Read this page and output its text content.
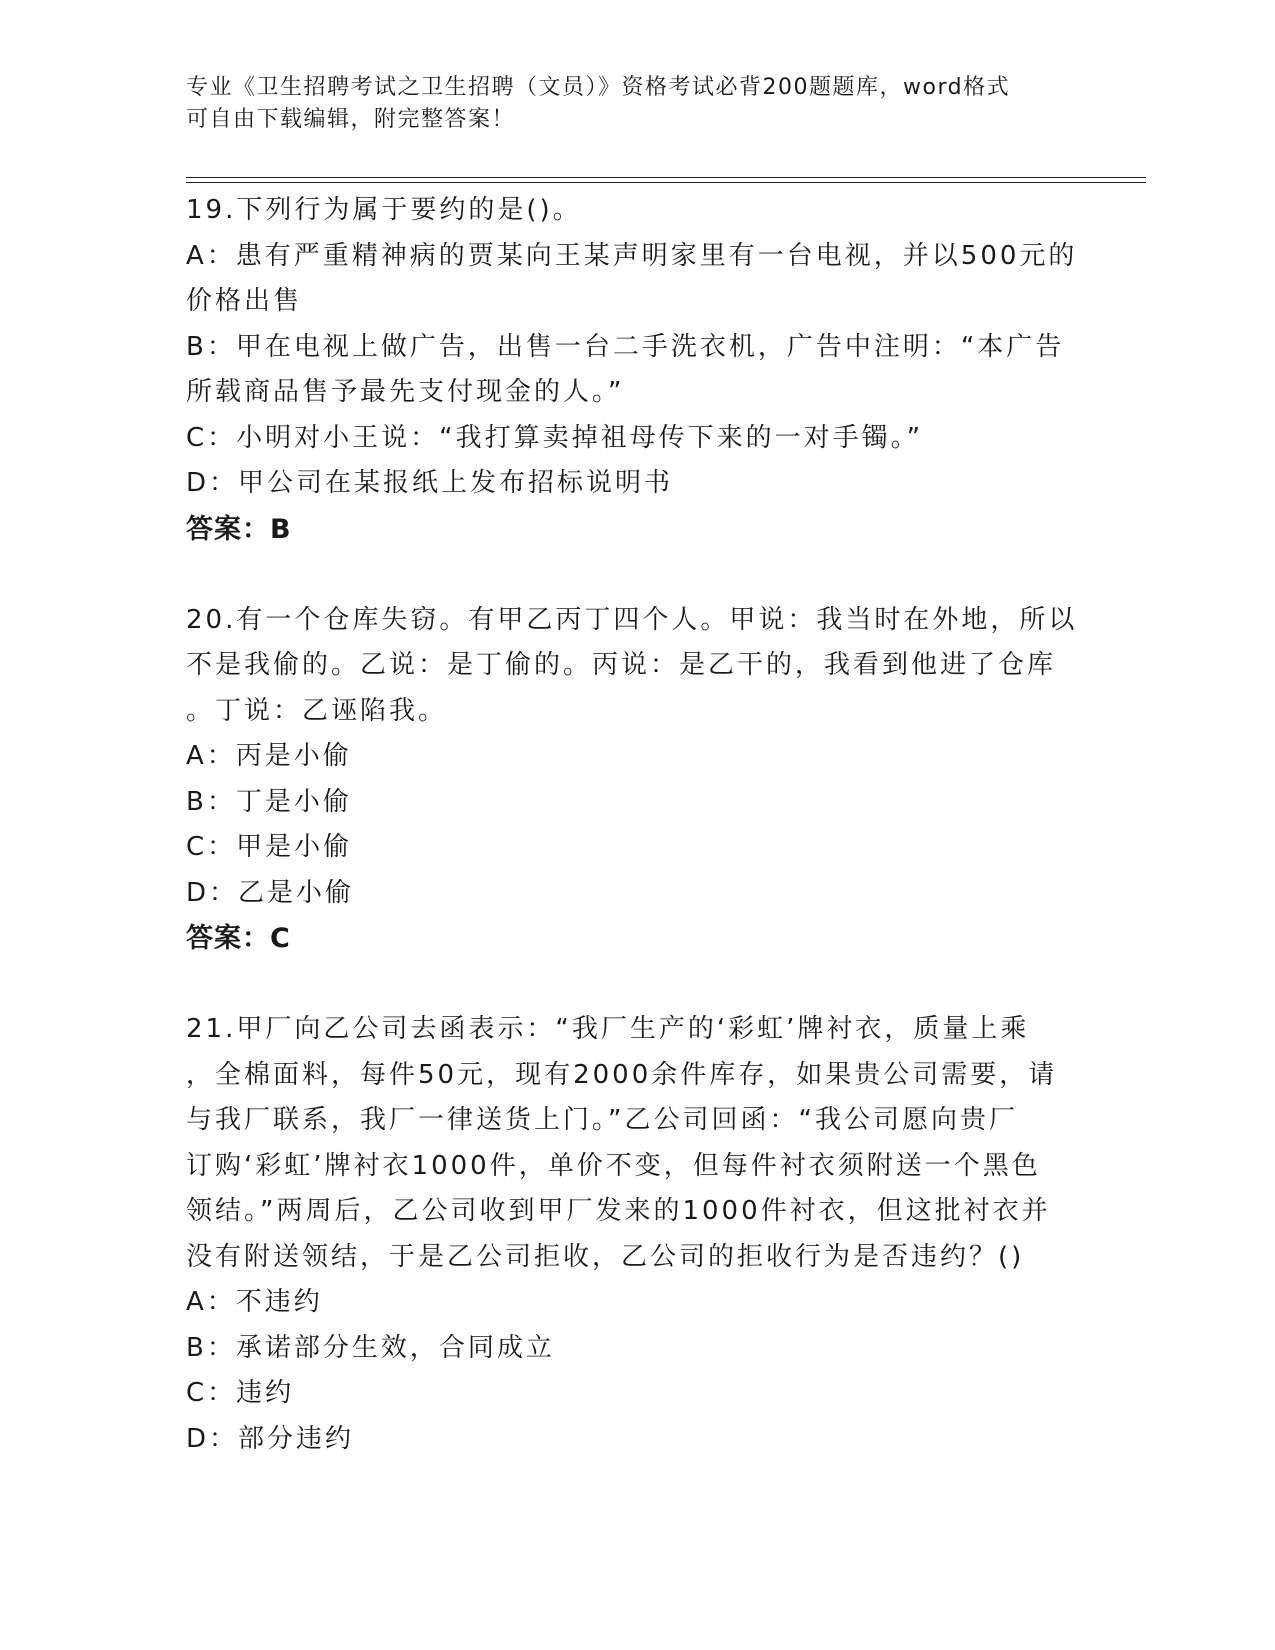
专业《卫生招聘考试之卫生招聘（文员）》资格考试必背200题题库，word格式
可自由下载编辑，附完整答案！
19.下列行为属于要约的是()。
A：患有严重精神病的贾某向王某声明家里有一台电视，并以500元的
价格出售
B：甲在电视上做广告，出售一台二手洗衣机，广告中注明：“本广告
所载商品售予最先支付现金的人。”
C：小明对小王说：“我打算卖掉祖母传下来的一对手镯。”
D：甲公司在某报纸上发布招标说明书
答案：B
20.有一个仓库失窃。有甲乙丙丁四个人。甲说：我当时在外地，所以
不是我偷的。乙说：是丁偷的。丙说：是乙干的，我看到他进了仓库
。丁说：乙诬陷我。
A：丙是小偷
B：丁是小偷
C：甲是小偷
D：乙是小偷
答案：C
21.甲厂向乙公司去函表示：“我厂生产的‘彩虹’牌衬衣，质量上乘
，全棉面料，每件50元，现有2000余件库存，如果贵公司需要，请
与我厂联系，我厂一律送货上门。”乙公司回函：“我公司愿向贵厂
订购‘彩虹’牌衬衣1000件，单价不变，但每件衬衣须附送一个黑色
领结。”两周后，乙公司收到甲厂发来的1000件衬衣，但这批衬衣并
没有附送领结，于是乙公司拒收，乙公司的拒收行为是否违约？()
A：不违约
B：承诺部分生效，合同成立
C：违约
D：部分违约
